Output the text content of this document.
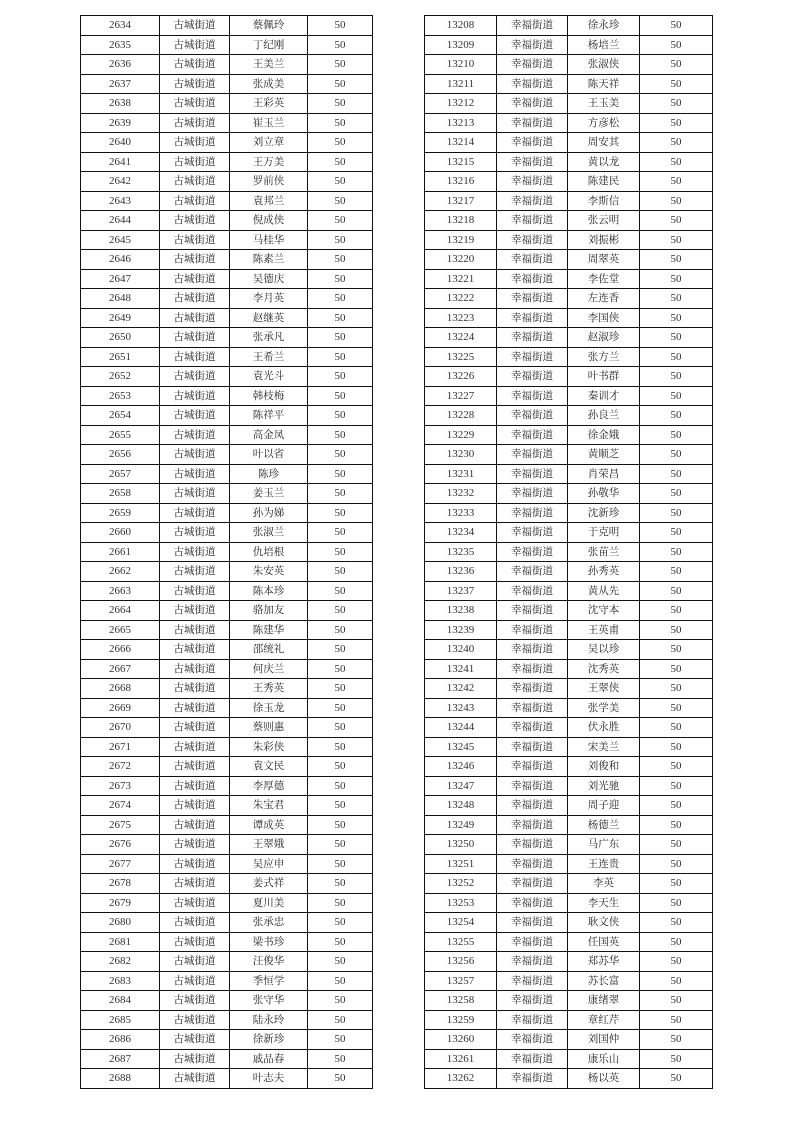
2634	古城街道	蔡佩玲	50
2635	古城街道	丁纪刚	50
2636	古城街道	王美兰	50
2637	古城街道	张成美	50
2638	古城街道	王彩英	50
2639	古城街道	崔玉兰	50
2640	古城街道	刘立章	50
2641	古城街道	王万美	50
2642	古城街道	罗前侠	50
2643	古城街道	袁邦兰	50
2644	古城街道	倪成侠	50
2645	古城街道	马桂华	50
2646	古城街道	陈素兰	50
2647	古城街道	吴德庆	50
2648	古城街道	李月英	50
2649	古城街道	赵继英	50
2650	古城街道	张承凡	50
2651	古城街道	王希兰	50
2652	古城街道	袁光斗	50
2653	古城街道	韩枝梅	50
2654	古城街道	陈祥平	50
2655	古城街道	高金凤	50
2656	古城街道	叶以省	50
2657	古城街道	陈珍	50
2658	古城街道	姜玉兰	50
2659	古城街道	孙为娣	50
2660	古城街道	张淑兰	50
2661	古城街道	仇培根	50
2662	古城街道	朱安英	50
2663	古城街道	陈本珍	50
2664	古城街道	骆加友	50
2665	古城街道	陈建华	50
2666	古城街道	邵统礼	50
2667	古城街道	何庆兰	50
2668	古城街道	王秀英	50
2669	古城街道	徐玉龙	50
2670	古城街道	蔡则惠	50
2671	古城街道	朱彩侠	50
2672	古城街道	袁文民	50
2673	古城街道	李厚德	50
2674	古城街道	朱宝君	50
2675	古城街道	谭成英	50
2676	古城街道	王翠娥	50
2677	古城街道	吴应申	50
2678	古城街道	姜式祥	50
2679	古城街道	夏川美	50
2680	古城街道	张承忠	50
2681	古城街道	梁书珍	50
2682	古城街道	汪俊华	50
2683	古城街道	季恒学	50
2684	古城街道	张守华	50
2685	古城街道	陆永玲	50
2686	古城街道	徐新珍	50
2687	古城街道	戚品春	50
2688	古城街道	叶志夫	50
13208	幸福街道	徐永珍	50
13209	幸福街道	杨培兰	50
13210	幸福街道	张淑侠	50
13211	幸福街道	陈天祥	50
13212	幸福街道	王玉美	50
13213	幸福街道	方彦松	50
13214	幸福街道	周安其	50
13215	幸福街道	黄以龙	50
13216	幸福街道	陈建民	50
13217	幸福街道	李斯信	50
13218	幸福街道	张云明	50
13219	幸福街道	刘振彬	50
13220	幸福街道	周翠英	50
13221	幸福街道	李佐堂	50
13222	幸福街道	左连香	50
13223	幸福街道	李国侠	50
13224	幸福街道	赵淑珍	50
13225	幸福街道	张方兰	50
13226	幸福街道	叶书群	50
13227	幸福街道	秦训才	50
13228	幸福街道	孙良兰	50
13229	幸福街道	徐金娥	50
13230	幸福街道	黄顺芝	50
13231	幸福街道	肖荣昌	50
13232	幸福街道	孙敬华	50
13233	幸福街道	沈新珍	50
13234	幸福街道	于克明	50
13235	幸福街道	张苗兰	50
13236	幸福街道	孙秀英	50
13237	幸福街道	黄从先	50
13238	幸福街道	沈守本	50
13239	幸福街道	王英甫	50
13240	幸福街道	吴以珍	50
13241	幸福街道	沈秀英	50
13242	幸福街道	王翠侠	50
13243	幸福街道	张学美	50
13244	幸福街道	伏永胜	50
13245	幸福街道	宋美兰	50
13246	幸福街道	刘俊和	50
13247	幸福街道	刘光驰	50
13248	幸福街道	周子迎	50
13249	幸福街道	杨德兰	50
13250	幸福街道	马广东	50
13251	幸福街道	王连贵	50
13252	幸福街道	李英	50
13253	幸福街道	李天生	50
13254	幸福街道	耿文侠	50
13255	幸福街道	任国英	50
13256	幸福街道	郑苏华	50
13257	幸福街道	苏长富	50
13258	幸福街道	康绪翠	50
13259	幸福街道	章红芹	50
13260	幸福街道	刘国仲	50
13261	幸福街道	康乐山	50
13262	幸福街道	杨以英	50
